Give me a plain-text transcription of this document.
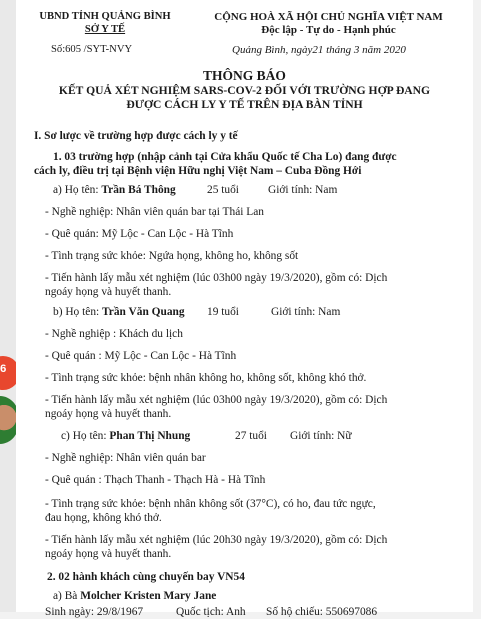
6
UBND TỈNH QUẢNG BÌNH
SỞ Y TẾ
Số:605 /SYT-NVY
CỘNG HOÀ XÃ HỘI CHỦ NGHĨA VIỆT NAM
Độc lập - Tự do - Hạnh phúc
Quảng Bình, ngày21 tháng 3 năm 2020
THÔNG BÁO
KẾT QUẢ XÉT NGHIỆM SARS-COV-2 ĐỐI VỚI TRƯỜNG HỢP ĐANG
ĐƯỢC CÁCH LY Y TẾ TRÊN ĐỊA BÀN TỈNH
I. Sơ lược về trường hợp được cách ly y tế
1. 03 trường hợp (nhập cảnh tại Cửa khẩu Quốc tế Cha Lo) đang được
cách ly, điều trị tại Bệnh viện Hữu nghị Việt Nam – Cuba Đồng Hới
a) Họ tên: Trần Bá Thông	25 tuổi	Giới tính: Nam
- Nghề nghiệp: Nhân viên quán bar tại Thái Lan
- Quê quán: Mỹ Lộc - Can Lộc - Hà Tĩnh
- Tình trạng sức khỏe: Ngứa họng, không ho, không sốt
- Tiến hành lấy mẫu xét nghiệm (lúc 03h00 ngày 19/3/2020), gồm có: Dịch
ngoáy họng và huyết thanh.
b) Họ tên: Trần Văn Quang 19 tuổi	Giới tính: Nam
- Nghề nghiệp : Khách du lịch
- Quê quán : Mỹ Lộc - Can Lộc - Hà Tĩnh
- Tình trạng sức khỏe: bệnh nhân không ho, không sốt, không khó thở.
- Tiến hành lấy mẫu xét nghiệm (lúc 03h00 ngày 19/3/2020), gồm có: Dịch
ngoáy họng và huyết thanh.
c) Họ tên: Phan Thị Nhung	27 tuổi Giới tính: Nữ
- Nghề nghiệp: Nhân viên quán bar
- Quê quán : Thạch Thanh - Thạch Hà - Hà Tĩnh
- Tình trạng sức khỏe: bệnh nhân không sốt (37°C), có ho, đau tức ngực,
đau họng, không khó thở.
- Tiến hành lấy mẫu xét nghiệm (lúc 20h30 ngày 19/3/2020), gồm có: Dịch
ngoáy họng và huyết thanh.
2. 02 hành khách cùng chuyến bay VN54
a) Bà Molcher Kristen Mary Jane
Sinh ngày: 29/8/1967	Quốc tịch: Anh Số hộ chiếu: 550697086
